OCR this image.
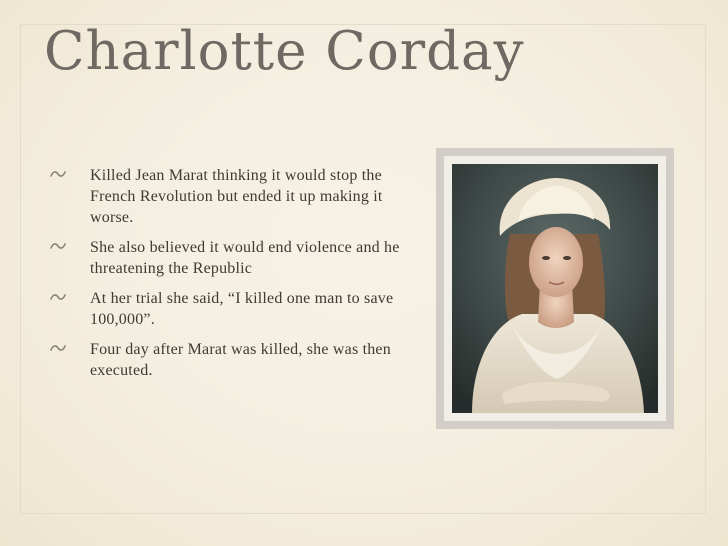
Charlotte Corday
Killed Jean Marat thinking it would stop the French Revolution but ended it up making it worse.
She also believed it would end violence and he threatening the Republic
At her trial she said, “I killed one man to save 100,000”.
Four day after Marat was killed, she was then executed.
